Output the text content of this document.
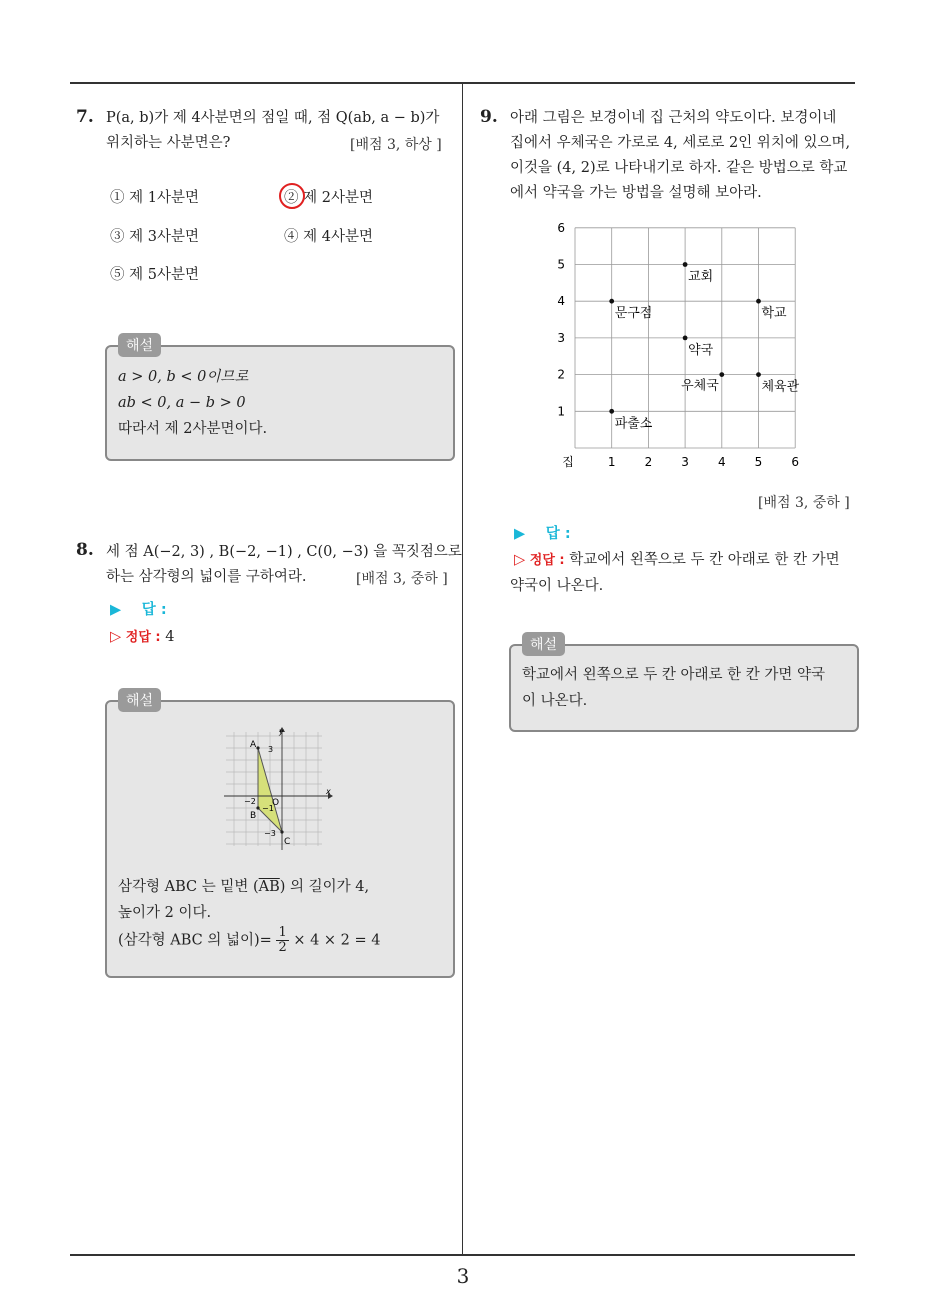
3
7. P(a, b)가 제 4사분면의 점일 때, 점 Q(ab, a − b)가
위치하는 사분면은?	[배점 3, 하상 ]
① 제 1사분면	② 제 2사분면
③ 제 3사분면	④ 제 4사분면
⑤ 제 5사분면
해설
a > 0, b < 0이므로
ab < 0, a − b > 0
따라서 제 2사분면이다.
8. 세 점 A(−2, 3) , B(−2, −1) , C(0, −3) 을 꼭짓점으로
하는 삼각형의 넓이를 구하여라.	[배점 3, 중하 ]
▶ 답 :
▷ 정답 : 4
해설
A
B
C
O
x
y
3
−2
−1
−3
삼각형 ABC 는 밑변 $(\overline{AB})$ 의 길이가 4,
높이가 2 이다.
(삼각형 ABC 의 넓이)= $\frac{1}{2} \times 4 \times 2 = 4$
9. 아래 그림은 보경이네 집 근처의 약도이다. 보경이네
집에서 우체국은 가로로 4, 세로로 2인 위치에 있으며,
이것을 (4, 2)로 나타내기로 하자. 같은 방법으로 학교
에서 약국을 가는 방법을 설명해 보아라.
1 2 3 4 5 6
1
2
3
4
5
6
집
교회
문구점	학교
약국
우체국	체육관
파출소
[배점 3, 중하 ]
▶ 답 :
▷ 정답 : 학교에서 왼쪽으로 두 칸 아래로 한 칸 가면
약국이 나온다.
해설
학교에서 왼쪽으로 두 칸 아래로 한 칸 가면 약국
이 나온다.
